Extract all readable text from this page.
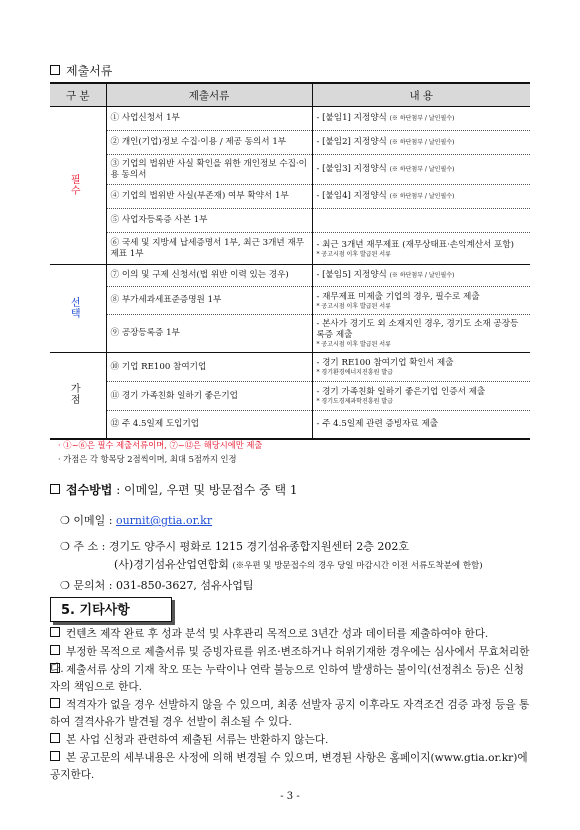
제출서류
구 분	제출서류	내 용
필수	① 사업신청서 1부	- [붙임1] 지정양식 (※ 하단첨부 / 날인필수)
	② 개인(기업)정보 수집·이용 / 제공 동의서 1부	- [붙임2] 지정양식 (※ 하단첨부 / 날인필수)
	③ 기업의 법위반 사실 확인을 위한 개인정보 수집·이용 동의서	- [붙임3] 지정양식 (※ 하단첨부 / 날인필수)
	④ 기업의 법위반 사실(부존재) 여부 확약서 1부	- [붙임4] 지정양식 (※ 하단첨부 / 날인필수)
	⑤ 사업자등록증 사본 1부	
	⑥ 국세 및 지방세 납세증명서 1부, 최근 3개년 재무제표 1부	- 최근 3개년 재무제표 (재무상태표·손익계산서 포함)
* 공고시점 이후 발급된 서류

선택	⑦ 이의 및 구제 신청서(법 위반 이력 있는 경우)	- [붙임5] 지정양식 (※ 하단첨부 / 날인필수)
	⑧ 부가세과세표준증명원 1부	- 재무제표 미제출 기업의 경우, 필수로 제출
* 공고시점 이후 발급된 서류

	⑨ 공장등록증 1부	- 본사가 경기도 외 소재지인 경우, 경기도 소재 공장등록증 제출
* 공고시점 이후 발급된 서류

가점	⑩ 기업 RE100 참여기업	- 경기 RE100 참여기업 확인서 제출
* 경기환경에너지진흥원 발급

	⑪ 경기 가족친화 일하기 좋은기업	- 경기 가족친화 일하기 좋은기업 인증서 제출
* 경기도경제과학진흥원 발급

	⑫ 주 4.5일제 도입기업	- 주 4.5일제 관련 증빙자료 제출
· ①~⑥은 필수 제출서류이며, ⑦~⑫은 해당시에만 제출
· 가점은 각 항목당 2점씩이며, 최대 5점까지 인정
접수방법 : 이메일, 우편 및 방문접수 중 택 1
❍ 이메일 : ournit@gtia.or.kr
❍ 주 소 : 경기도 양주시 평화로 1215 경기섬유종합지원센터 2층 202호
(사)경기섬유산업연합회 (※우편 및 방문접수의 경우 당일 마감시간 이전 서류도착분에 한함)
❍ 문의처 : 031-850-3627, 섬유사업팀
5. 기타사항
컨텐츠 제작 완료 후 성과 분석 및 사후관리 목적으로 3년간 성과 데이터를 제출하여야 한다.
부정한 목적으로 제출서류 및 증빙자료를 위조·변조하거나 허위기재한 경우에는 심사에서 무효처리한다. 제출서류 상의 기재 착오 또는 누락이나 연락 불능으로 인하여 발생하는 불이익(선정취소 등)은 신청자의 책임으로 한다.
적격자가 없을 경우 선발하지 않을 수 있으며, 최종 선발자 공지 이후라도 자격조건 검증 과정 등을 통하여 결격사유가 발견될 경우 선발이 취소될 수 있다.
본 사업 신청과 관련하여 제출된 서류는 반환하지 않는다.
본 공고문의 세부내용은 사정에 의해 변경될 수 있으며, 변경된 사항은 홈페이지(www.gtia.or.kr)에 공지한다.
- 3 -
